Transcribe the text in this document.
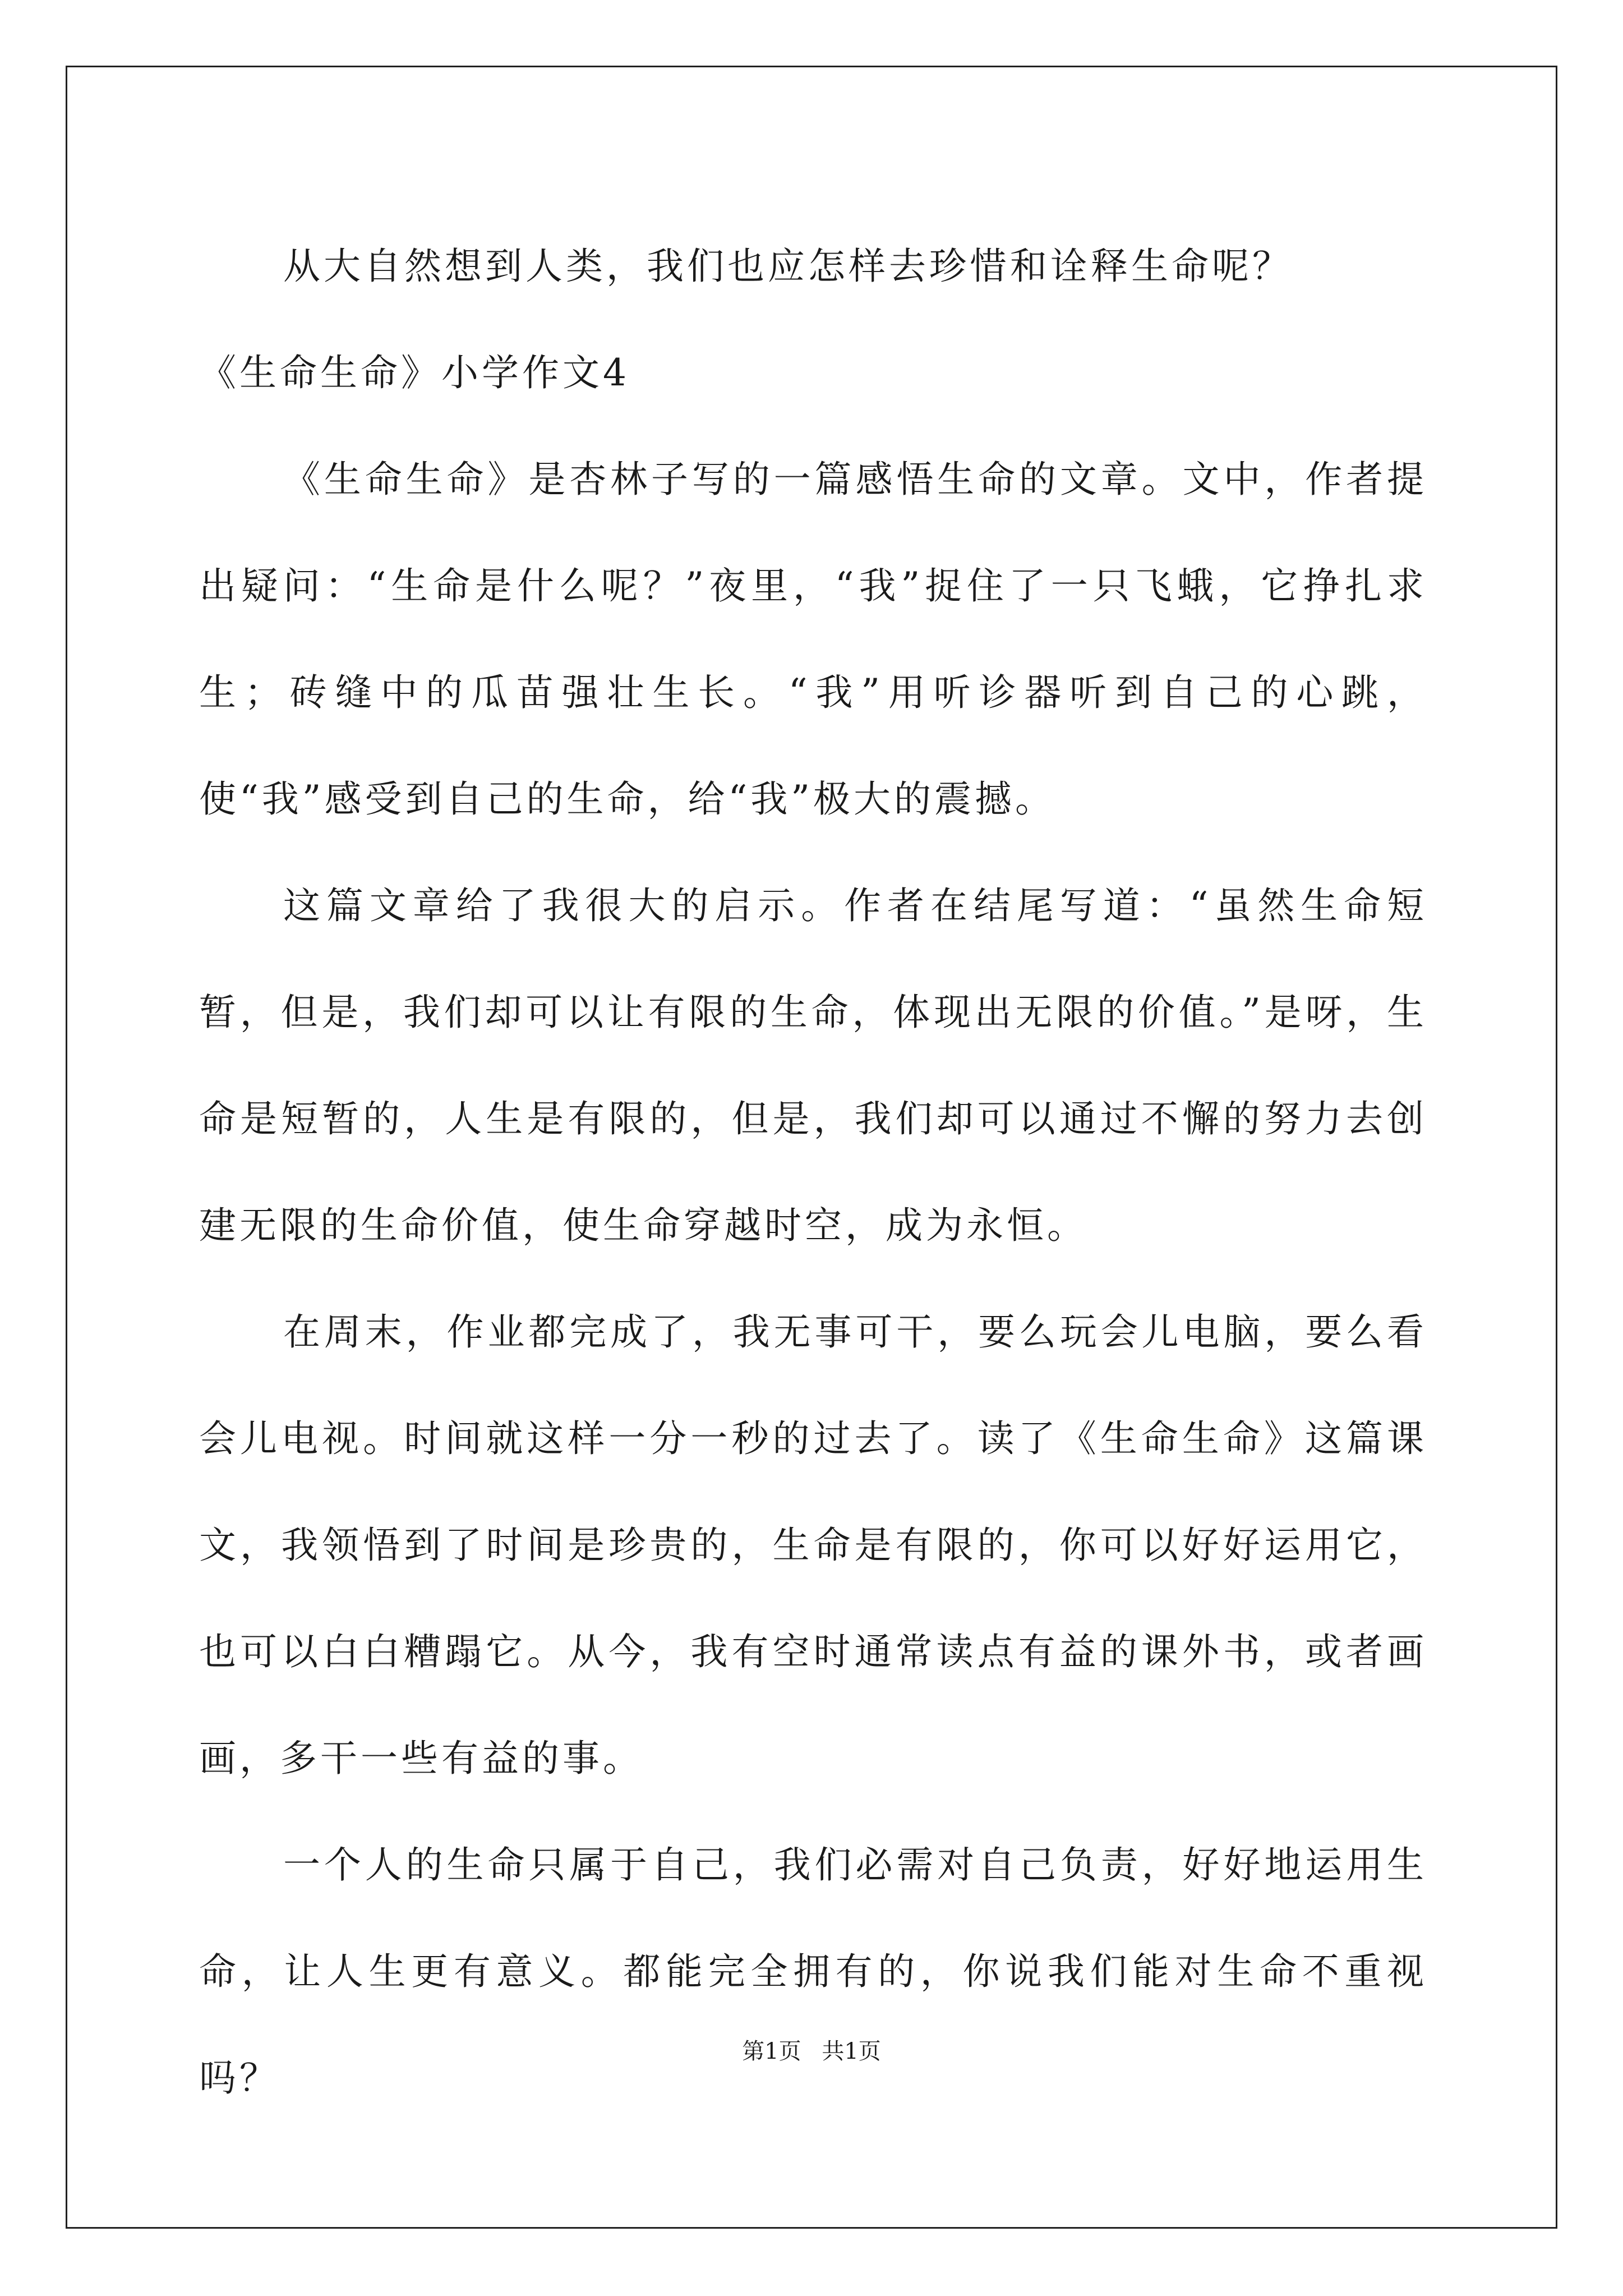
从大自然想到人类，我们也应怎样去珍惜和诠释生命呢？

《生命生命》小学作文4

《生命生命》是杏林子写的一篇感悟生命的文章。文中，作者提出疑问：“生命是什么呢？”夜里，“我”捉住了一只飞蛾，它挣扎求生；砖缝中的瓜苗强壮生长。“我”用听诊器听到自己的心跳，使“我”感受到自己的生命，给“我”极大的震撼。

这篇文章给了我很大的启示。作者在结尾写道：“虽然生命短暂，但是，我们却可以让有限的生命，体现出无限的价值。”是呀，生命是短暂的，人生是有限的，但是，我们却可以通过不懈的努力去创建无限的生命价值，使生命穿越时空，成为永恒。

在周末，作业都完成了，我无事可干，要么玩会儿电脑，要么看会儿电视。时间就这样一分一秒的过去了。读了《生命生命》这篇课文，我领悟到了时间是珍贵的，生命是有限的，你可以好好运用它，也可以白白糟蹋它。从今，我有空时通常读点有益的课外书，或者画画，多干一些有益的事。

一个人的生命只属于自己，我们必需对自己负责，好好地运用生命，让人生更有意义。都能完全拥有的，你说我们能对生命不重视吗？

第1页 共1页
